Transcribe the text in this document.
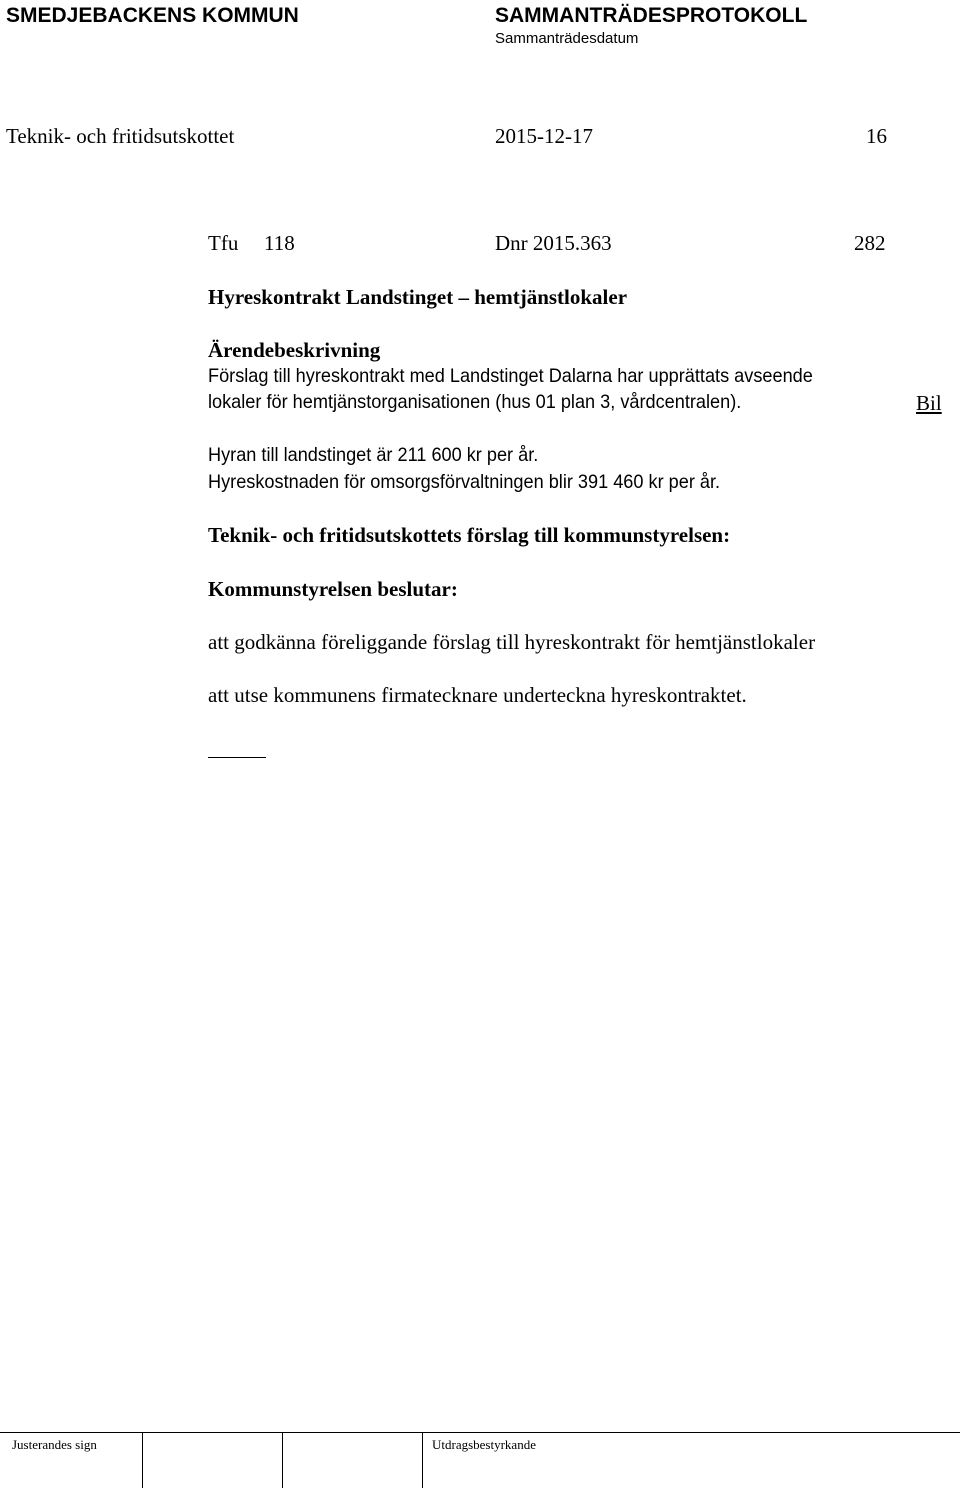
SMEDJEBACKENS KOMMUN	SAMMANTRÄDESPROTOKOLL
Sammanträdesdatum
Teknik- och fritidsutskottet	2015-12-17	16
Tfu 118	Dnr 2015.363	282
Hyreskontrakt Landstinget – hemtjänstlokaler
Ärendebeskrivning
Förslag till hyreskontrakt med Landstinget Dalarna har upprättats avseende
lokaler för hemtjänstorganisationen (hus 01 plan 3, vårdcentralen).	Bil
Hyran till landstinget är 211 600 kr per år.
Hyreskostnaden för omsorgsförvaltningen blir 391 460 kr per år.
Teknik- och fritidsutskottets förslag till kommunstyrelsen:
Kommunstyrelsen beslutar:
att godkänna föreliggande förslag till hyreskontrakt för hemtjänstlokaler
att utse kommunens firmatecknare underteckna hyreskontraktet.
Justerandes sign	Utdragsbestyrkande
